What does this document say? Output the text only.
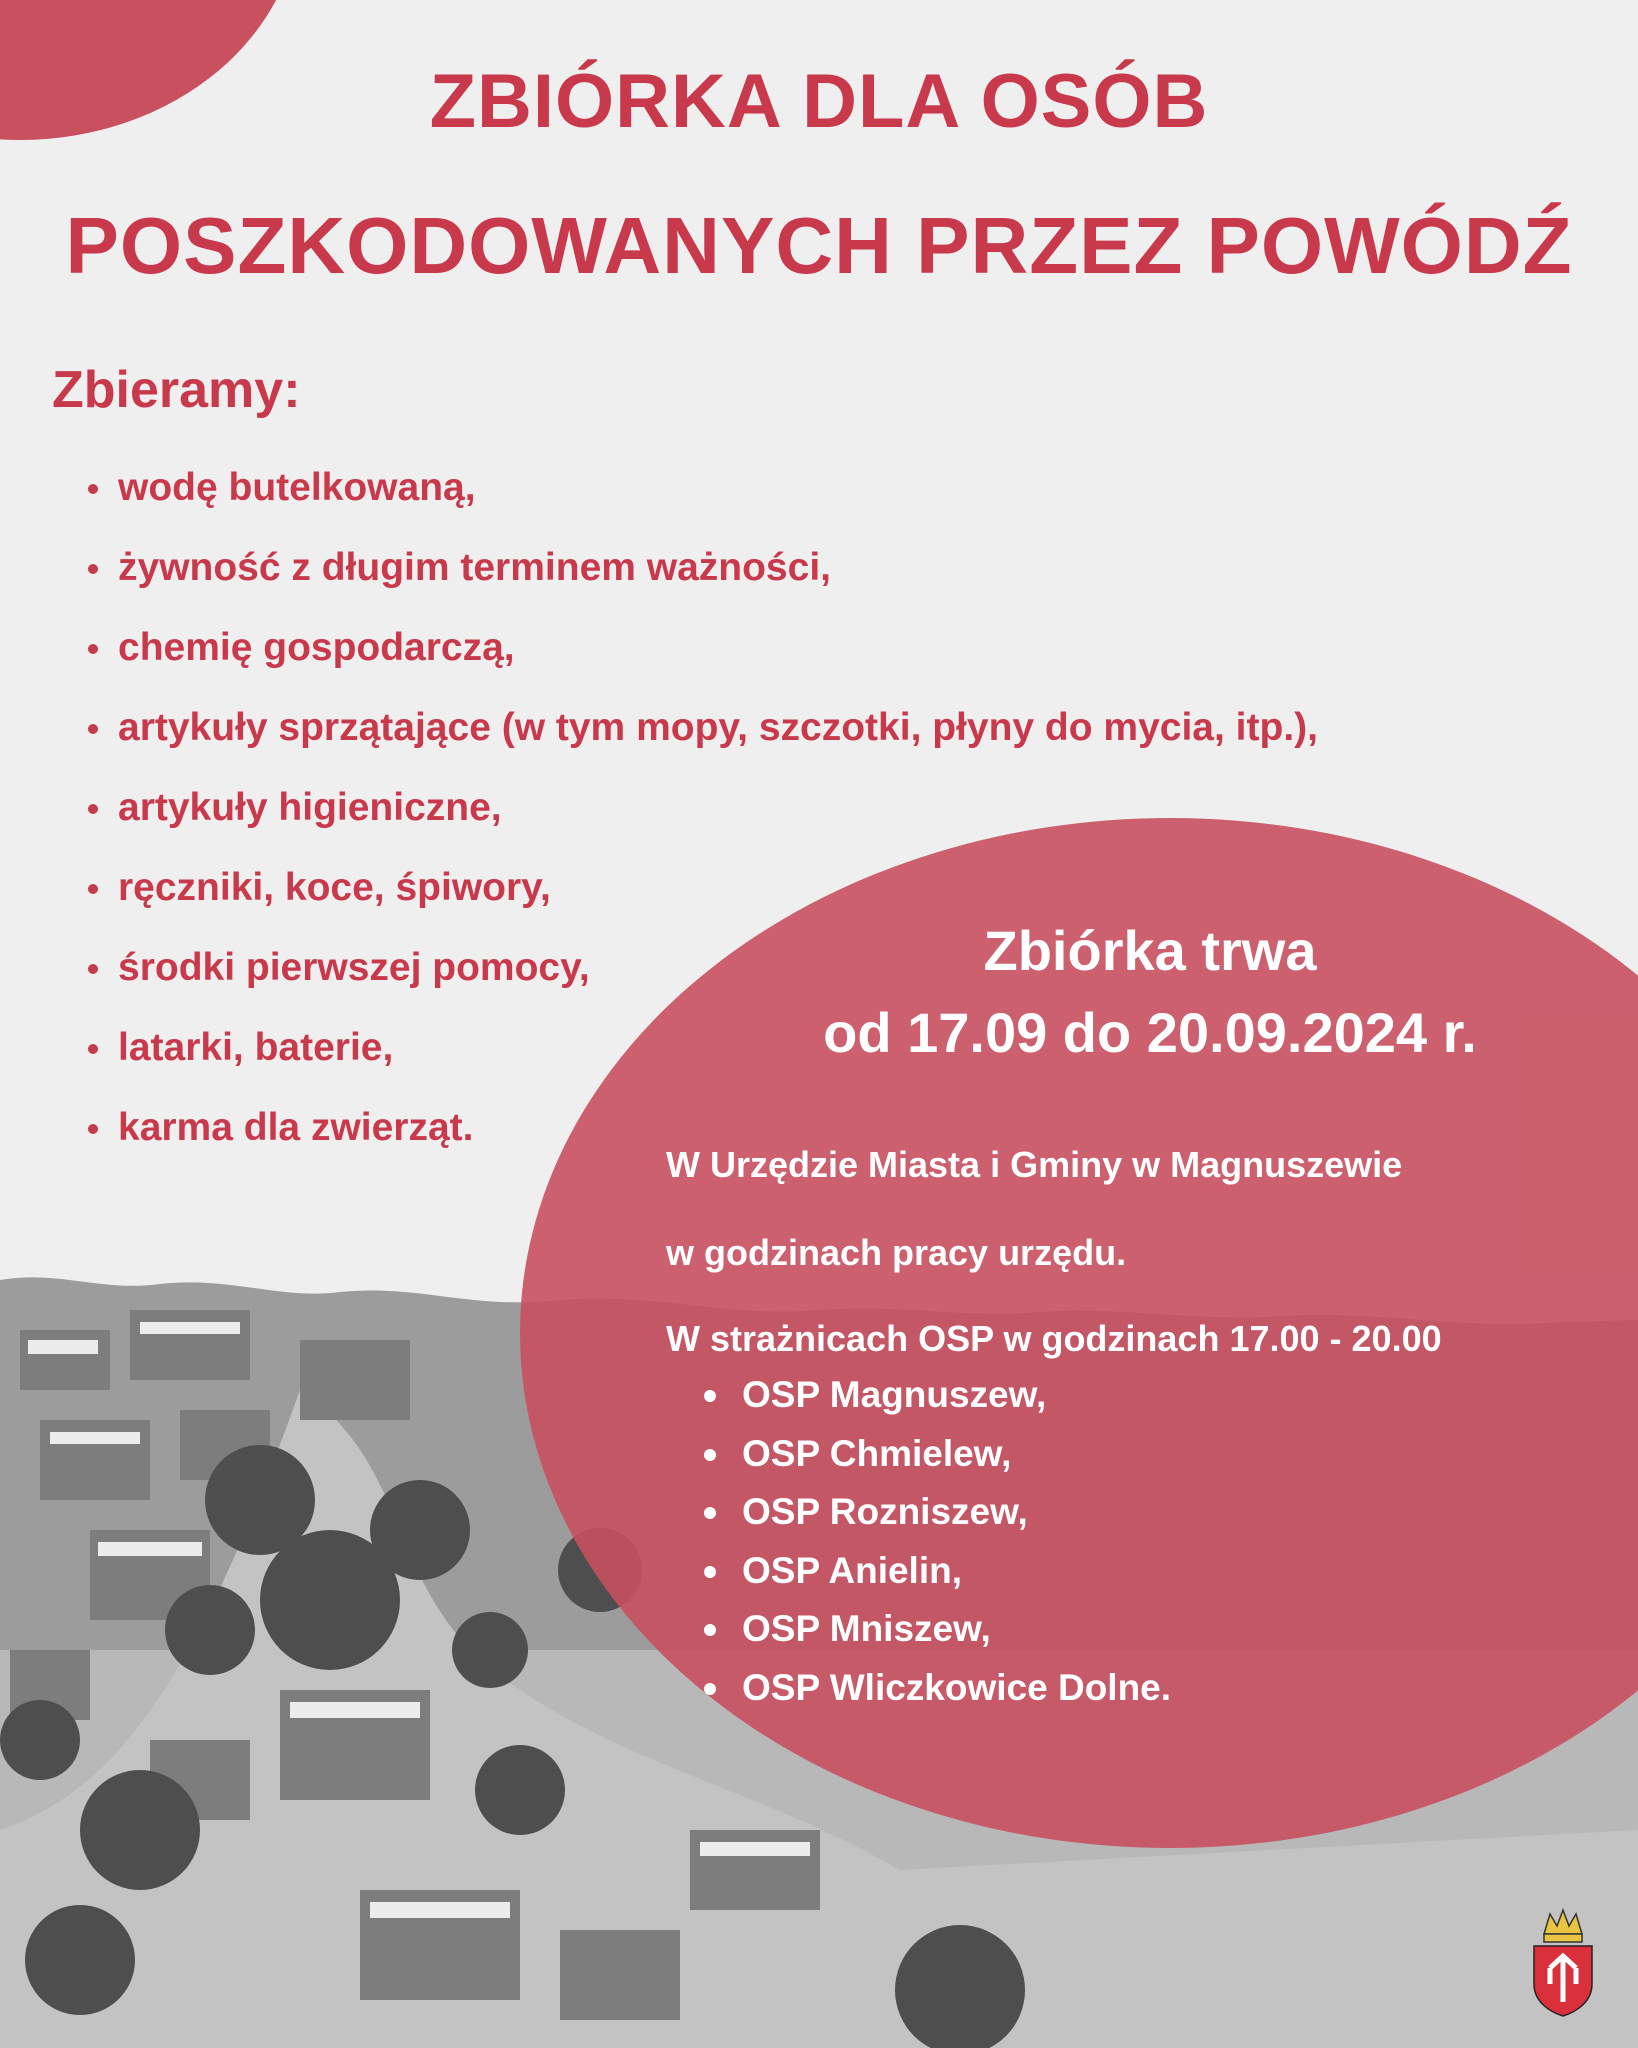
ZBIÓRKA DLA OSÓB
POSZKODOWANYCH PRZEZ POWÓDŹ
Zbieramy:
wodę butelkowaną,
żywność z długim terminem ważności,
chemię gospodarczą,
artykuły sprzątające (w tym mopy, szczotki, płyny do mycia, itp.),
artykuły higieniczne,
ręczniki, koce, śpiwory,
środki pierwszej pomocy,
latarki, baterie,
karma dla zwierząt.
Zbiórka trwa
od 17.09 do 20.09.2024 r.

W Urzędzie Miasta i Gminy w Magnuszewie

w godzinach pracy urzędu.

W strażnicach OSP w godzinach 17.00 - 20.00

OSP Magnuszew,
OSP Chmielew,
OSP Rozniszew,
OSP Anielin,
OSP Mniszew,
OSP Wliczkowice Dolne.
